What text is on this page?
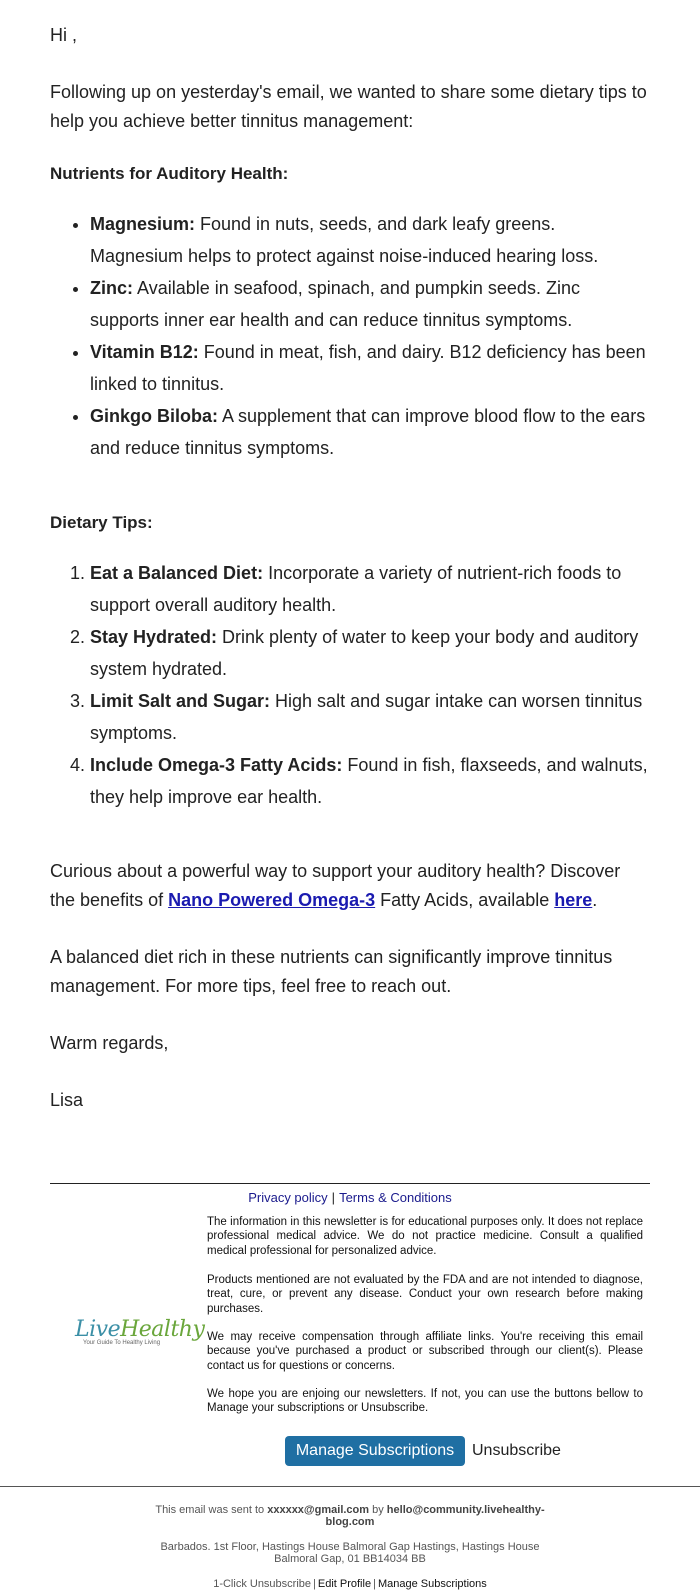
Hi ,

Following up on yesterday's email, we wanted to share some dietary tips to help you achieve better tinnitus management:

Nutrients for Auditory Health:
• Magnesium: Found in nuts, seeds, and dark leafy greens. Magnesium helps to protect against noise-induced hearing loss.
• Zinc: Available in seafood, spinach, and pumpkin seeds. Zinc supports inner ear health and can reduce tinnitus symptoms.
• Vitamin B12: Found in meat, fish, and dairy. B12 deficiency has been linked to tinnitus.
• Ginkgo Biloba: A supplement that can improve blood flow to the ears and reduce tinnitus symptoms.
Dietary Tips:
1. Eat a Balanced Diet: Incorporate a variety of nutrient-rich foods to support overall auditory health.
2. Stay Hydrated: Drink plenty of water to keep your body and auditory system hydrated.
3. Limit Salt and Sugar: High salt and sugar intake can worsen tinnitus symptoms.
4. Include Omega-3 Fatty Acids: Found in fish, flaxseeds, and walnuts, they help improve ear health.

Curious about a powerful way to support your auditory health? Discover the benefits of Nano Powered Omega-3 Fatty Acids, available here.

A balanced diet rich in these nutrients can significantly improve tinnitus management. For more tips, feel free to reach out.

Warm regards,

Lisa

Privacy policy | Terms & Conditions
LiveHealthy
Your Guide To Healthy Living

The information in this newsletter is for educational purposes only. It does not replace professional medical advice. We do not practice medicine. Consult a qualified medical professional for personalized advice.

Products mentioned are not evaluated by the FDA and are not intended to diagnose, treat, cure, or prevent any disease. Conduct your own research before making purchases.

We may receive compensation through affiliate links. You're receiving this email because you've purchased a product or subscribed through our client(s). Please contact us for questions or concerns.

We hope you are enjoing our newsletters. If not, you can use the buttons bellow to Manage your subscriptions or Unsubscribe.

Manage Subscriptions	Unsubscribe
This email was sent to xxxxxx@gmail.com by hello@community.livehealthy-blog.com
Barbados. 1st Floor, Hastings House Balmoral Gap Hastings, Hastings House Balmoral Gap, 01 BB14034 BB
1-Click Unsubscribe | Edit Profile | Manage Subscriptions
